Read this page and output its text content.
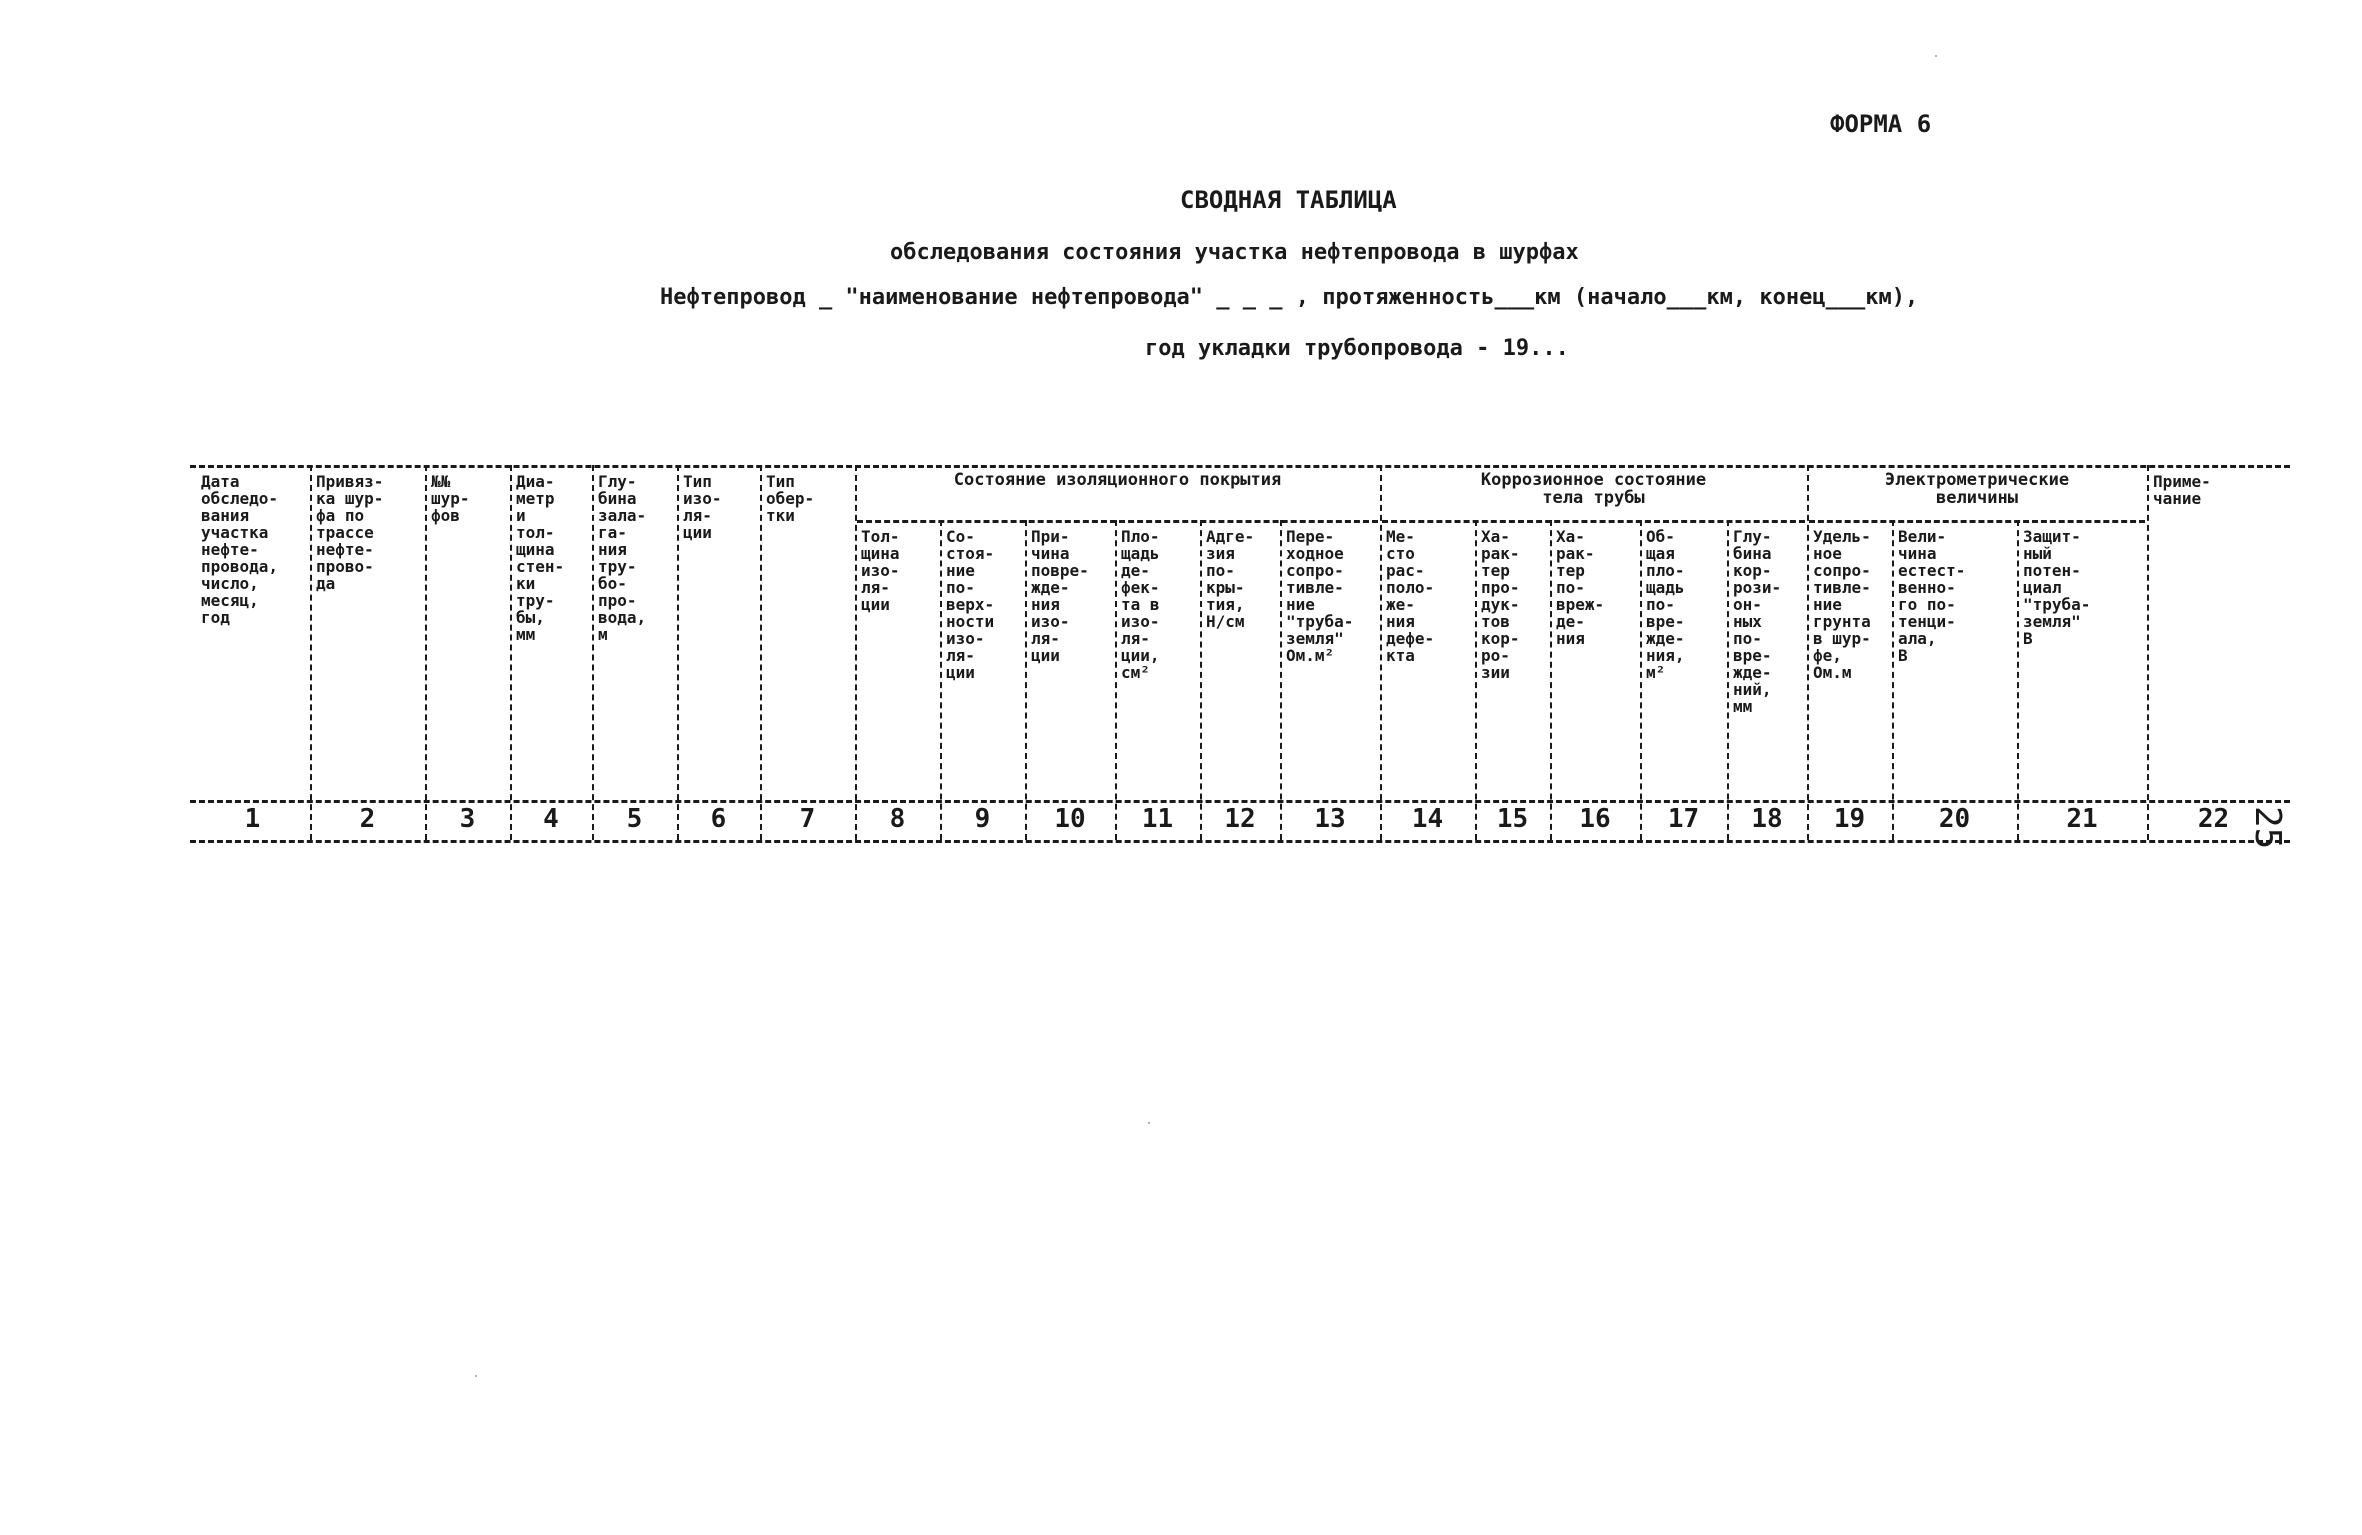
ФОРМА 6
СВОДНАЯ ТАБЛИЦА
обследования состояния участка нефтепровода в шурфах
Нефтепровод _ "наименование нефтепровода" _ _ _ , протяженность___км (начало___км, конец___км),
год укладки трубопровода - 19...
25
Состояние изоляционного покрытия	Коррозионное состояние
тела трубы
Электрометрические
величины
Дата
обследо-
вания
участка
нефте-
провода,
число,
месяц,
год
1
Привяз-
ка шур-
фа по
трассе
нефте-
прово-
да
2
№№
шур-
фов
3
Диа-
метр
и
тол-
щина
стен-
ки
тру-
бы,
мм
4
Глу-
бина
зала-
га-
ния
тру-
бо-
про-
вода,
м
5
Тип
изо-
ля-
ции
6
Тип
обер-
тки
7
Тол-
щина
изо-
ля-
ции
8
Со-
стоя-
ние
по-
верх-
ности
изо-
ля-
ции
9
При-
чина
повре-
жде-
ния
изо-
ля-
ции
10
Пло-
щадь
де-
фек-
та в
изо-
ля-
ции,
см²
11
Адге-
зия
по-
кры-
тия,
Н/см
12
Пере-
ходное
сопро-
тивле-
ние
"труба-
земля"
Ом.м²
13
Ме-
сто
рас-
поло-
же-
ния
дефе-
кта
14
Ха-
рак-
тер
про-
дук-
тов
кор-
ро-
зии
15
Ха-
рак-
тер
по-
вреж-
де-
ния
16
Об-
щая
пло-
щадь
по-
вре-
жде-
ния,
м²
17
Глу-
бина
кор-
рози-
он-
ных
по-
вре-
жде-
ний,
мм
18
Удель-
ное
сопро-
тивле-
ние
грунта
в шур-
фе,
Ом.м
19
Вели-
чина
естест-
венно-
го по-
тенци-
ала,
В
20
Защит-
ный
потен-
циал
"труба-
земля"
В
21
Приме-
чание
22
